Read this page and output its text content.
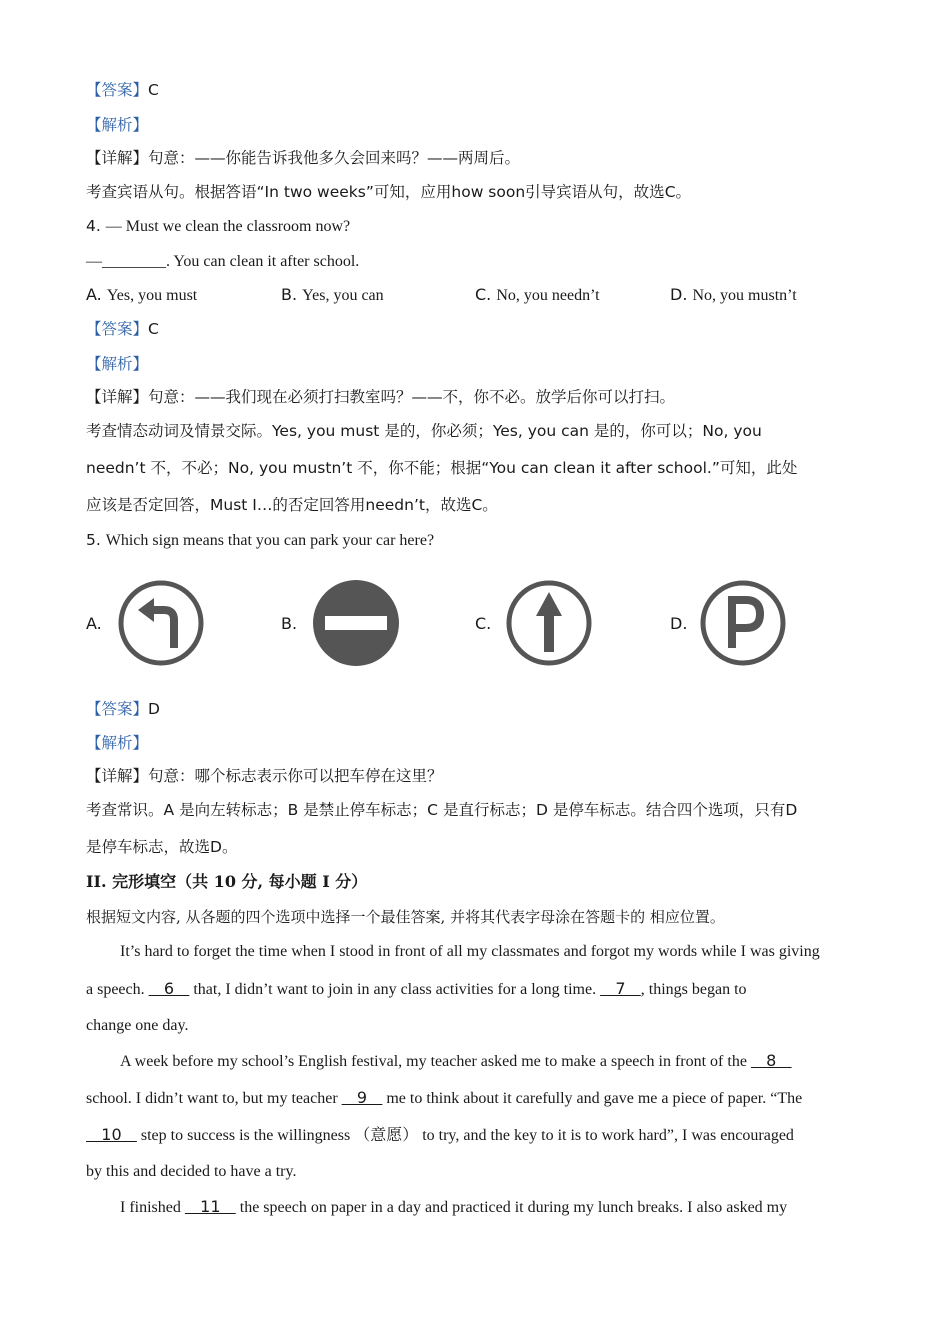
【答案】C
【解析】
【详解】句意：——你能告诉我他多久会回来吗？——两周后。
考查宾语从句。根据答语“In two weeks”可知，应用how soon引导宾语从句，故选C。
4. — Must we clean the classroom now?
—________. You can clean it after school.
A. Yes, you must	B. Yes, you can	C. No, you needn’t	D. No, you mustn’t
【答案】C
【解析】
【详解】句意：——我们现在必须打扫教室吗？——不，你不必。放学后你可以打扫。
考查情态动词及情景交际。Yes, you must 是的，你必须；Yes, you can 是的，你可以；No, you
needn’t 不，不必；No, you mustn’t 不，你不能；根据“You can clean it after school.”可知，此处
应该是否定回答，Must I…的否定回答用needn’t，故选C。
5. Which sign means that you can park your car here?
A.	B.	C.	D.
【答案】D
【解析】
【详解】句意：哪个标志表示你可以把车停在这里？
考查常识。A 是向左转标志；B 是禁止停车标志；C 是直行标志；D 是停车标志。结合四个选项，只有D
是停车标志，故选D。
II. 完形填空（共 10 分, 每小题 I 分）
根据短文内容, 从各题的四个选项中选择一个最佳答案, 并将其代表字母涂在答题卡的 相应位置。
It’s hard to forget the time when I stood in front of all my classmates and forgot my words while I was giving
a speech.    6    that, I didn’t want to join in any class activities for a long time.    7   , things began to
change one day.
A week before my school’s English festival, my teacher asked me to make a speech in front of the    8
school. I didn’t want to, but my teacher    9    me to think about it carefully and gave me a piece of paper. “The
10    step to success is the willingness （意愿） to try, and the key to it is to work hard”, I was encouraged
by this and decided to have a try.
I finished    11    the speech on paper in a day and practiced it during my lunch breaks. I also asked my
